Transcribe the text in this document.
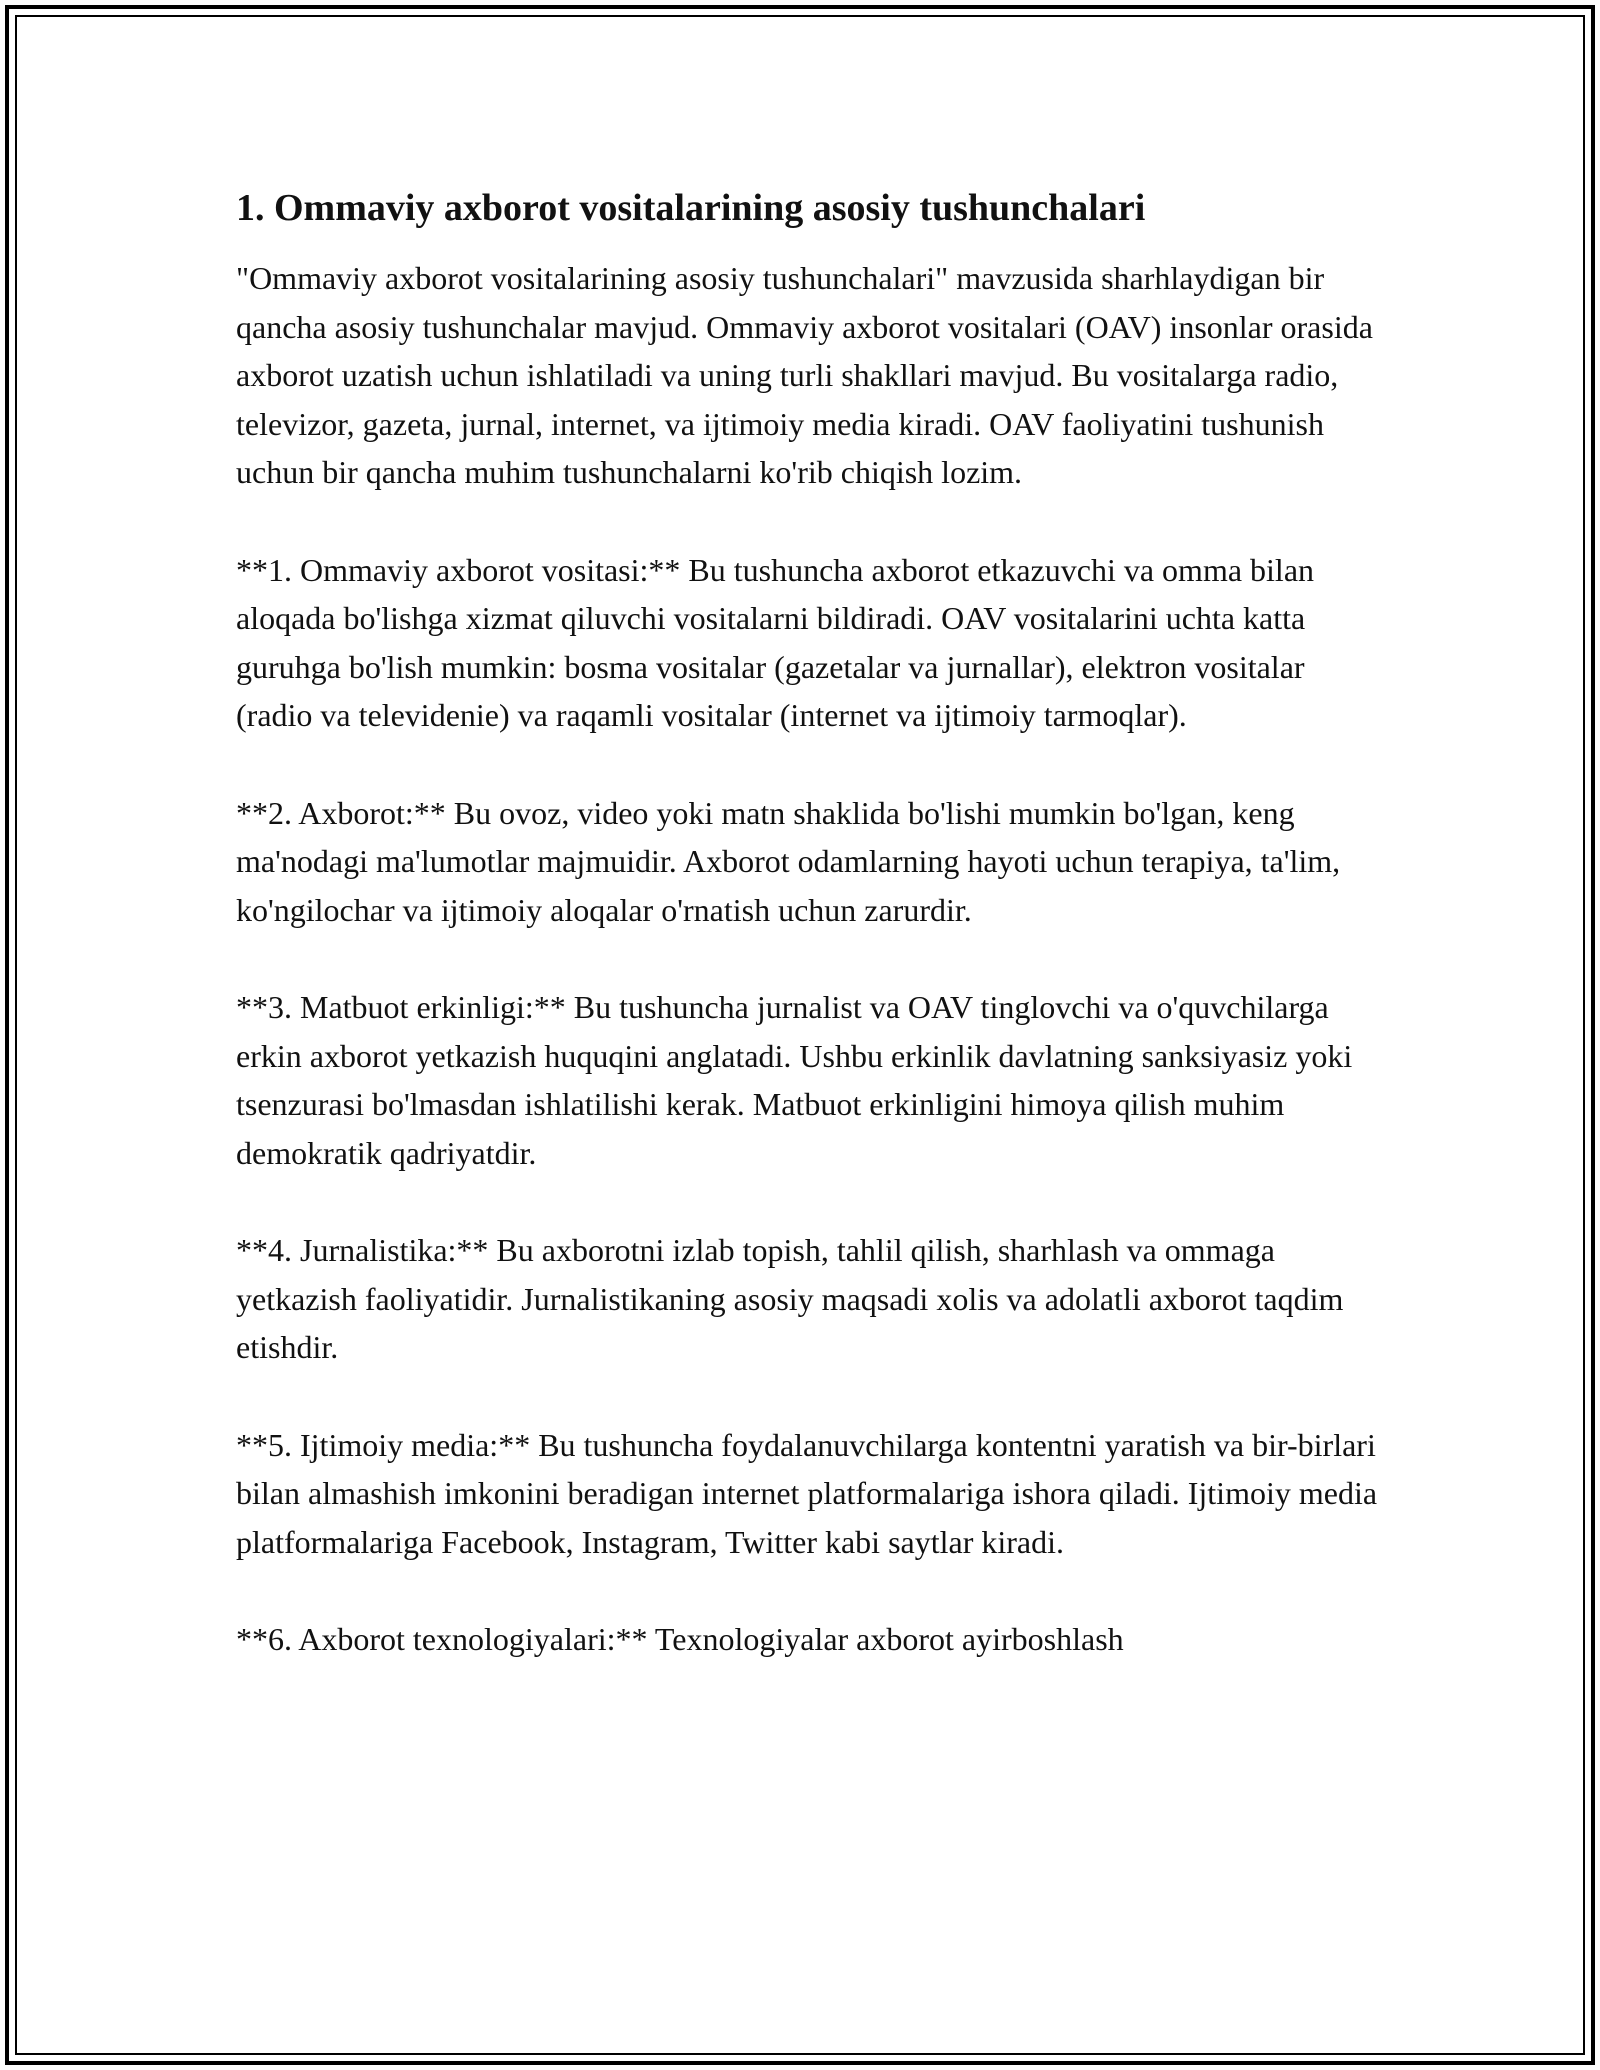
1. Ommaviy axborot vositalarining asosiy tushunchalari

"Ommaviy axborot vositalarining asosiy tushunchalari" mavzusida sharhlaydigan bir qancha asosiy tushunchalar mavjud. Ommaviy axborot vositalari (OAV) insonlar orasida axborot uzatish uchun ishlatiladi va uning turli shakllari mavjud. Bu vositalarga radio, televizor, gazeta, jurnal, internet, va ijtimoiy media kiradi. OAV faoliyatini tushunish uchun bir qancha muhim tushunchalarni ko'rib chiqish lozim.

**1. Ommaviy axborot vositasi:** Bu tushuncha axborot etkazuvchi va omma bilan aloqada bo'lishga xizmat qiluvchi vositalarni bildiradi. OAV vositalarini uchta katta guruhga bo'lish mumkin: bosma vositalar (gazetalar va jurnallar), elektron vositalar (radio va televidenie) va raqamli vositalar (internet va ijtimoiy tarmoqlar).

**2. Axborot:** Bu ovoz, video yoki matn shaklida bo'lishi mumkin bo'lgan, keng ma'nodagi ma'lumotlar majmuidir. Axborot odamlarning hayoti uchun terapiya, ta'lim, ko'ngilochar va ijtimoiy aloqalar o'rnatish uchun zarurdir.

**3. Matbuot erkinligi:** Bu tushuncha jurnalist va OAV tinglovchi va o'quvchilarga erkin axborot yetkazish huquqini anglatadi. Ushbu erkinlik davlatning sanksiyasiz yoki tsenzurasi bo'lmasdan ishlatilishi kerak. Matbuot erkinligini himoya qilish muhim demokratik qadriyatdir.

**4. Jurnalistika:** Bu axborotni izlab topish, tahlil qilish, sharhlash va ommaga yetkazish faoliyatidir. Jurnalistikaning asosiy maqsadi xolis va adolatli axborot taqdim etishdir.

**5. Ijtimoiy media:** Bu tushuncha foydalanuvchilarga kontentni yaratish va bir-birlari bilan almashish imkonini beradigan internet platformalariga ishora qiladi. Ijtimoiy media platformalariga Facebook, Instagram, Twitter kabi saytlar kiradi.

**6. Axborot texnologiyalari:** Texnologiyalar axborot ayirboshlash
